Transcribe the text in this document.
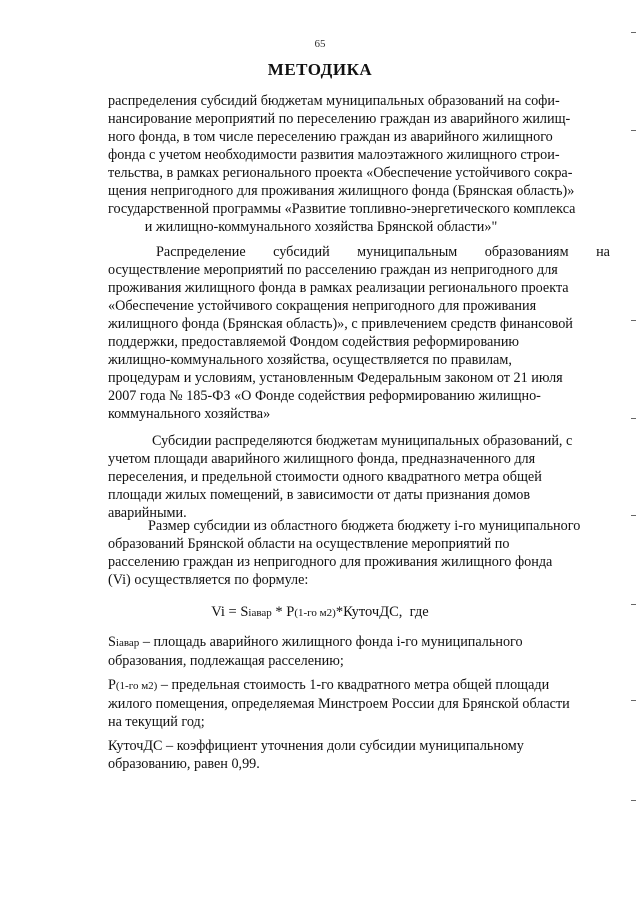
65
МЕТОДИКА
распределения субсидий бюджетам муниципальных образований на софи-
нансирование мероприятий по переселению граждан из аварийного жилищ-
ного фонда, в том числе переселению граждан из аварийного жилищного
фонда с учетом необходимости развития малоэтажного жилищного строи-
тельства, в рамках регионального проекта «Обеспечение устойчивого сокра-
щения непригодного для проживания жилищного фонда (Брянская область)»
государственной программы «Развитие топливно-энергетического комплекса
и жилищно-коммунального хозяйства Брянской области»"
Распределение субсидий муниципальным образованиям на
осуществление мероприятий по расселению граждан из непригодного для
проживания жилищного фонда в рамках реализации регионального проекта
«Обеспечение устойчивого сокращения непригодного для проживания
жилищного фонда (Брянская область)», с привлечением средств финансовой
поддержки, предоставляемой Фондом содействия реформированию
жилищно-коммунального хозяйства, осуществляется по правилам,
процедурам и условиям, установленным Федеральным законом от 21 июля
2007 года № 185-ФЗ «О Фонде содействия реформированию жилищно-
коммунального хозяйства»
Субсидии распределяются бюджетам муниципальных образований, с
учетом площади аварийного жилищного фонда, предназначенного для
переселения, и предельной стоимости одного квадратного метра общей
площади жилых помещений, в зависимости от даты признания домов
аварийными.
Размер субсидии из областного бюджета бюджету i-го муниципального
образований Брянской области на осуществление мероприятий по
расселению граждан из непригодного для проживания жилищного фонда
(Vi) осуществляется по формуле:
Vi = Siавар * P(1-го м2)*КуточДС, где
Siавар – площадь аварийного жилищного фонда i-го муниципального
образования, подлежащая расселению;
P(1-го м2) – предельная стоимость 1-го квадратного метра общей площади
жилого помещения, определяемая Минстроем России для Брянской области
на текущий год;
КуточДС – коэффициент уточнения доли субсидии муниципальному
образованию, равен 0,99.
